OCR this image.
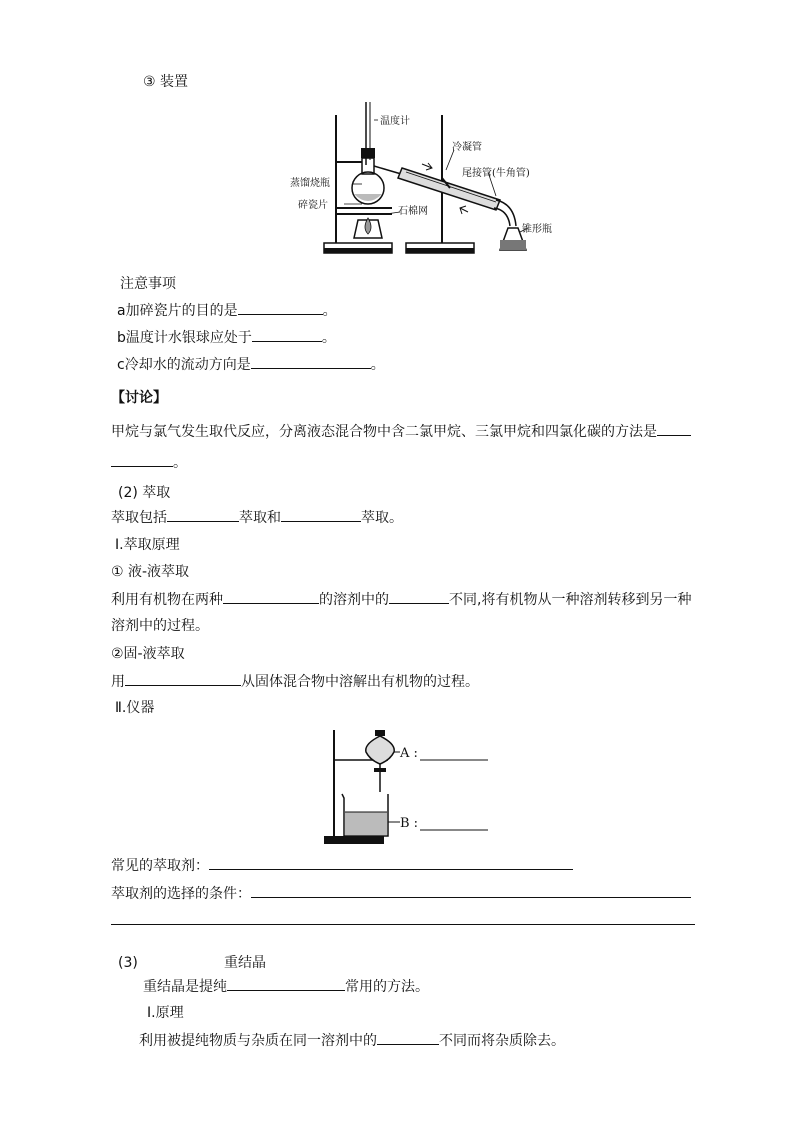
③ 装置
温度计
冷凝管
蒸馏烧瓶
尾接管(牛角管)
碎瓷片
石棉网
锥形瓶
注意事项
a加碎瓷片的目的是	。
b温度计水银球应处于	。
c冷却水的流动方向是	。
【讨论】
甲烷与氯气发生取代反应，分离液态混合物中含二氯甲烷、三氯甲烷和四氯化碳的方法是
。
(2) 萃取
萃取包括	萃取和	萃取。
Ⅰ.萃取原理
① 液-液萃取
利用有机物在两种	的溶剂中的	不同,将有机物从一种溶剂转移到另一种
溶剂中的过程。
②固-液萃取
用	从固体混合物中溶解出有机物的过程。
Ⅱ.仪器
A :
B :
常见的萃取剂：
萃取剂的选择的条件：
(3)	重结晶
重结晶是提纯	常用的方法。
Ⅰ.原理
利用被提纯物质与杂质在同一溶剂中的	不同而将杂质除去。
